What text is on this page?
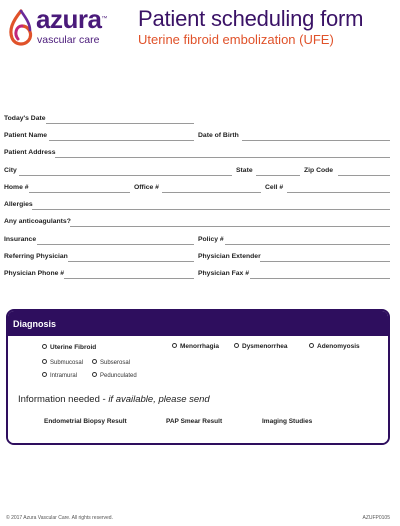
azura™
vascular care
Patient scheduling form
Uterine fibroid embolization (UFE)
Today's Date
Patient Name	Date of Birth
Patient Address
City	State	Zip Code
Home #	Office #	Cell #
Allergies
Any anticoagulants?
Insurance	Policy #
Referring Physician	Physician Extender
Physician Phone #	Physician Fax #
Diagnosis
Uterine Fibroid	Menorrhagia	Dysmenorrhea	Adenomyosis
Submucosal	Subserosal
Intramural	Pedunculated
Information needed - if available, please send
Endometrial Biopsy Result	PAP Smear Result	Imaging Studies
© 2017 Azura Vascular Care. All rights reserved.	AZUFP0105
